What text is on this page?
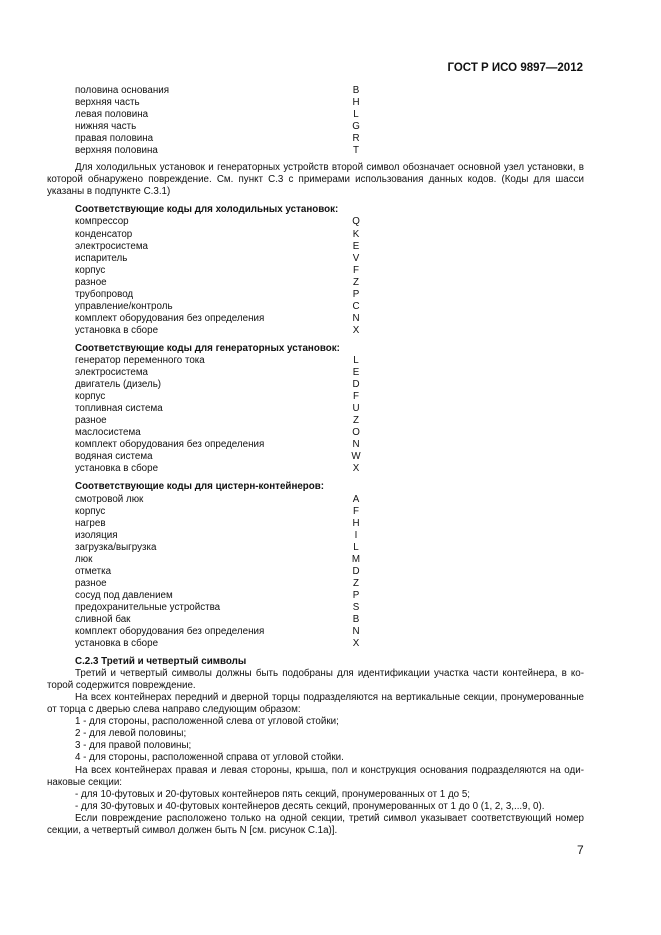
ГОСТ Р ИСО 9897—2012
половина основания	B
верхняя часть	H
левая половина	L
нижняя часть	G
правая половина	R
верхняя половина	T
Для холодильных установок и генераторных устройств второй символ обозначает основной узел установки, в которой обнаружено повреждение. См. пункт С.3 с примерами использования данных кодов. (Коды для шасси указаны в подпункте С.3.1)
Соответствующие коды для холодильных установок:
компрессор	Q
конденсатор	K
электросистема	E
испаритель	V
корпус	F
разное	Z
трубопровод	P
управление/контроль	C
комплект оборудования без определения	N
установка в сборе	X
Соответствующие коды для генераторных установок:
генератор переменного тока	L
электросистема	E
двигатель (дизель)	D
корпус	F
топливная система	U
разное	Z
маслосистема	O
комплект оборудования без определения	N
водяная система	W
установка в сборе	X
Соответствующие коды для цистерн-контейнеров:
смотровой люк	A
корпус	F
нагрев	H
изоляция	I
загрузка/выгрузка	L
люк	M
отметка	D
разное	Z
сосуд под давлением	P
предохранительные устройства	S
сливной бак	B
комплект оборудования без определения	N
установка в сборе	X
С.2.3 Третий и четвертый символы
Третий и четвертый символы должны быть подобраны для идентификации участка части контейнера, в ко-торой содержится повреждение.
На всех контейнерах передний и дверной торцы подразделяются на вертикальные секции, пронумерованные от торца с дверью слева направо следующим образом:
1 - для стороны, расположенной слева от угловой стойки;
2 - для левой половины;
3 - для правой половины;
4 - для стороны, расположенной справа от угловой стойки.
На всех контейнерах правая и левая стороны, крыша, пол и конструкция основания подразделяются на оди-наковые секции:
- для 10-футовых и 20-футовых контейнеров пять секций, пронумерованных от 1 до 5;
- для 30-футовых и 40-футовых контейнеров десять секций, пронумерованных от 1 до 0 (1, 2, 3,...9, 0).
Если повреждение расположено только на одной секции, третий символ указывает соответствующий номер секции, а четвертый символ должен быть N [см. рисунок С.1а)].
7
